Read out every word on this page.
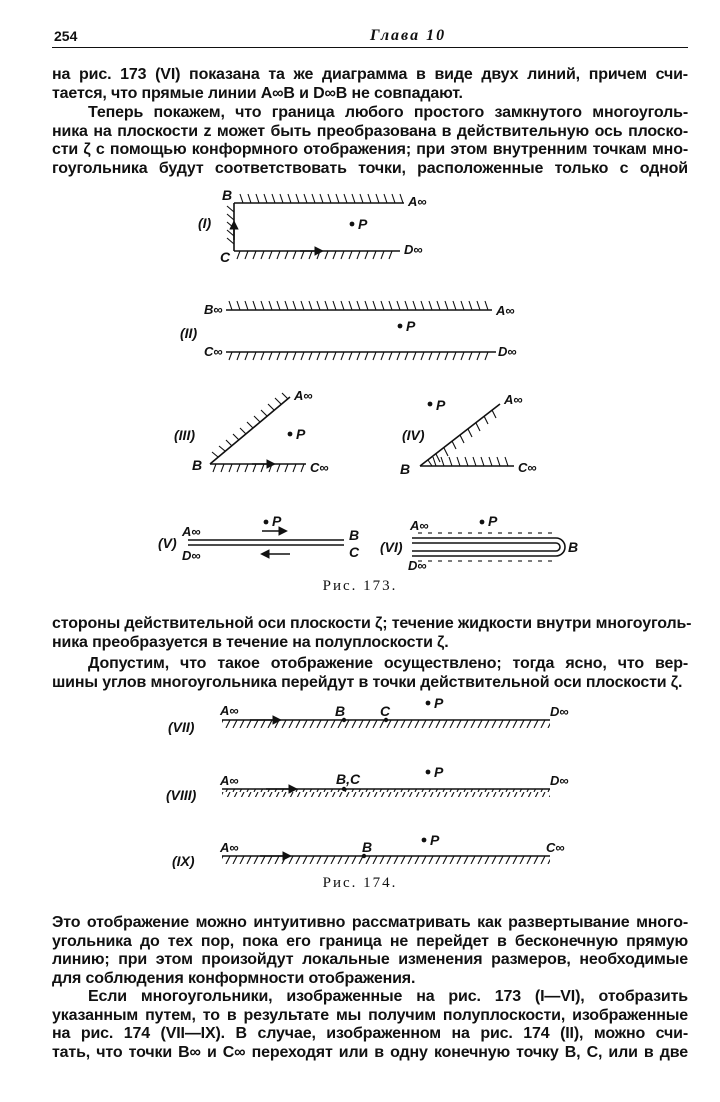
254	Глава 10

на рис. 173 (VI) показана та же диаграмма в виде двух линий, причем счи-
тается, что прямые линии A∞B и D∞B не совпадают.

Теперь покажем, что граница любого простого замкнутого многоуголь-
ника на плоскости z может быть преобразована в действительную ось плоско-
сти ζ с помощью конформного отображения; при этом внутренним точкам мно-
гоугольника будут соответствовать точки, расположенные только с одной

(I)
B	A∞
P
C	D∞
B∞	A∞
(II)	P
C∞	D∞
A∞
P
(III)
B	C∞
P	A∞
(IV)
B	C∞
A∞
(V)
D∞
P
B
C
A∞
(VI)
D∞
P
B
Рис. 173.

стороны действительной оси плоскости ζ; течение жидкости внутри многоуголь-
ника преобразуется в течение на полуплоскости ζ.

Допустим, что такое отображение осуществлено; тогда ясно, что вер-
шины углов многоугольника перейдут в точки действительной оси плоскости ζ.

(VII)
A∞	B C	P
D∞
(VIII)
A∞	B,C	P
D∞
(IX)
A∞	B	P	C∞
Рис. 174.

Это отображение можно интуитивно рассматривать как развертывание много-
угольника до тех пор, пока его граница не перейдет в бесконечную прямую
линию; при этом произойдут локальные изменения размеров, необходимые
для соблюдения конформности отображения.

Если многоугольники, изображенные на рис. 173 (I—VI), отобразить
указанным путем, то в результате мы получим полуплоскости, изображенные
на рис. 174 (VII—IX). В случае, изображенном на рис. 174 (II), можно счи-
тать, что точки B∞ и C∞ переходят или в одну конечную точку B, C, или в две
